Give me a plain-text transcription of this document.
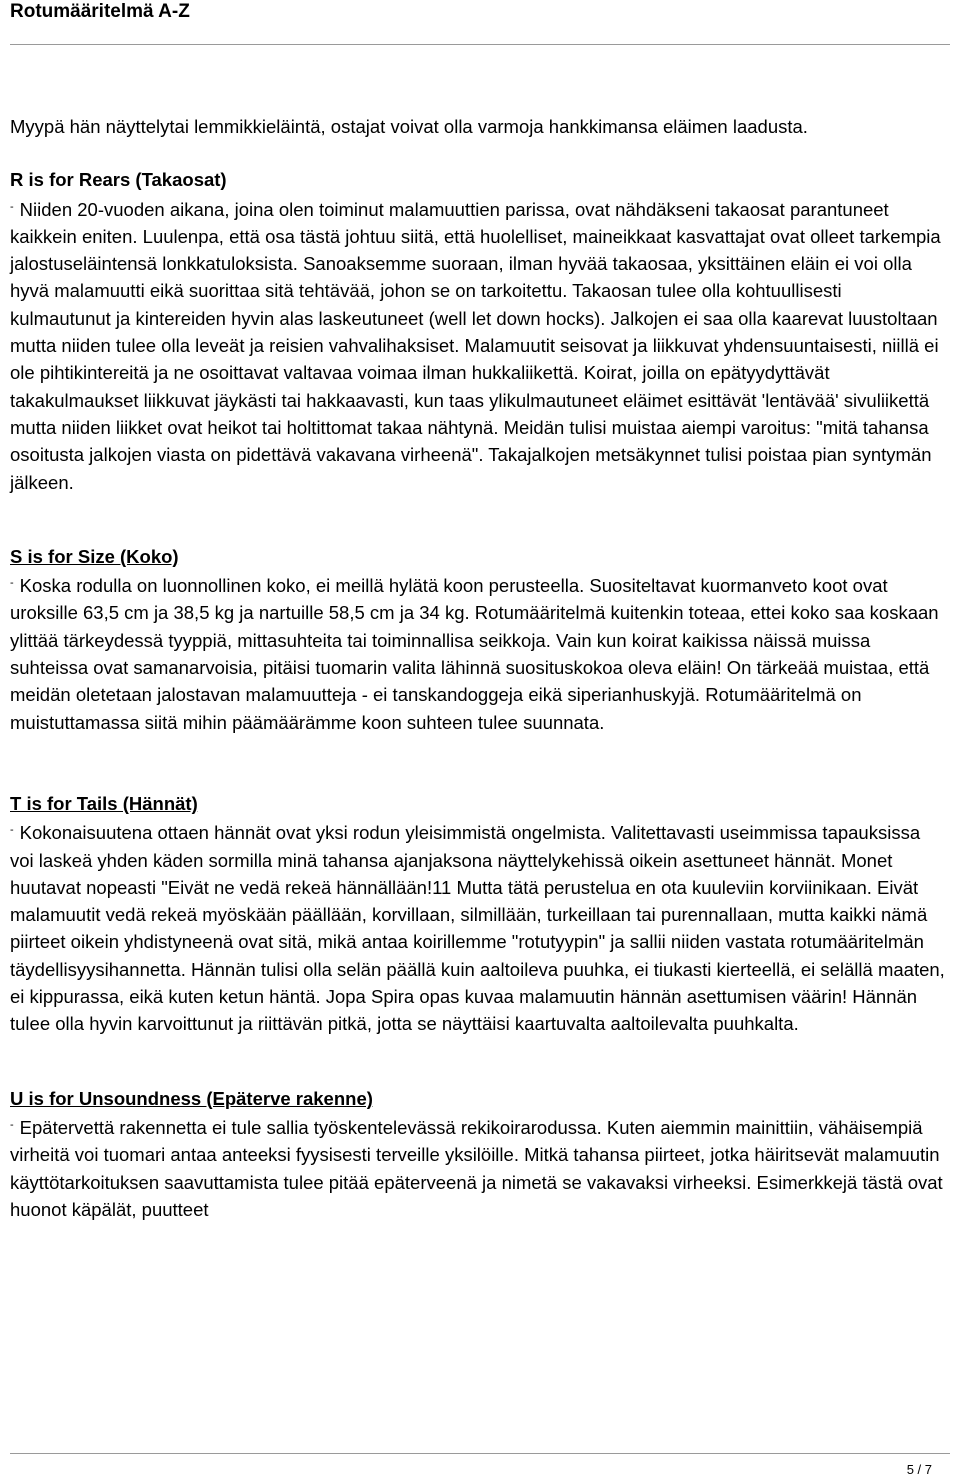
Rotumääritelmä A-Z

Myypä hän näyttelytai lemmikkieläintä, ostajat voivat olla varmoja hankkimansa eläimen laadusta.

R is for Rears (Takaosat)

- Niiden 20-vuoden aikana, joina olen toiminut malamuuttien parissa, ovat nähdäkseni takaosat parantuneet kaikkein eniten. Luulenpa, että osa tästä johtuu siitä, että huolelliset, maineikkaat kasvattajat ovat olleet tarkempia jalostuseläintensä lonkkatuloksista. Sanoaksemme suoraan, ilman hyvää takaosaa, yksittäinen eläin ei voi olla hyvä malamuutti eikä suorittaa sitä tehtävää, johon se on tarkoitettu. Takaosan tulee olla kohtuullisesti kulmautunut ja kintereiden hyvin alas laskeutuneet (well let down hocks). Jalkojen ei saa olla kaarevat luustoltaan mutta niiden tulee olla leveät ja reisien vahvalihaksiset. Malamuutit seisovat ja liikkuvat yhdensuuntaisesti, niillä ei ole pihtikintereitä ja ne osoittavat valtavaa voimaa ilman hukkaliikettä. Koirat, joilla on epätyydyttävät takakulmaukset liikkuvat jäykästi tai hakkaavasti, kun taas ylikulmautuneet eläimet esittävät 'lentävää' sivuliikettä mutta niiden liikket ovat heikot tai holtittomat takaa nähtynä. Meidän tulisi muistaa aiempi varoitus: "mitä tahansa osoitusta jalkojen viasta on pidettävä vakavana virheenä". Takajalkojen metsäkynnet tulisi poistaa pian syntymän jälkeen.

S is for Size (Koko)

- Koska rodulla on luonnollinen koko, ei meillä hylätä koon perusteella. Suositeltavat kuormanveto koot ovat uroksille 63,5 cm ja 38,5 kg ja nartuille 58,5 cm ja 34 kg. Rotumääritelmä kuitenkin toteaa, ettei koko saa koskaan ylittää tärkeydessä tyyppiä, mittasuhteita tai toiminnallisa seikkoja. Vain kun koirat kaikissa näissä muissa suhteissa ovat samanarvoisia, pitäisi tuomarin valita lähinnä suosituskokoa oleva eläin! On tärkeää muistaa, että meidän oletetaan jalostavan malamuutteja - ei tanskandoggeja eikä siperianhuskyjä. Rotumääritelmä on muistuttamassa siitä mihin päämäärämme koon suhteen tulee suunnata.

T is for Tails (Hännät)

- Kokonaisuutena ottaen hännät ovat yksi rodun yleisimmistä ongelmista. Valitettavasti useimmissa tapauksissa voi laskeä yhden käden sormilla minä tahansa ajanjaksona näyttelykehissä oikein asettuneet hännät. Monet huutavat nopeasti "Eivät ne vedä rekeä hännällään!11 Mutta tätä perustelua en ota kuuleviin korviinikaan. Eivät malamuutit vedä rekeä myöskään päällään, korvillaan, silmillään, turkeillaan tai purennallaan, mutta kaikki nämä piirteet oikein yhdistyneenä ovat sitä, mikä antaa koirillemme "rotutyypin" ja sallii niiden vastata rotumääritelmän täydellisyysihannetta. Hännän tulisi olla selän päällä kuin aaltoileva puuhka, ei tiukasti kierteellä, ei selällä maaten, ei kippurassa, eikä kuten ketun häntä. Jopa Spira opas kuvaa malamuutin hännän asettumisen väärin! Hännän tulee olla hyvin karvoittunut ja riittävän pitkä, jotta se näyttäisi kaartuvalta aaltoilevalta puuhkalta.

U is for Unsoundness (Epäterve rakenne)

- Epätervettä rakennetta ei tule sallia työskentelevässä rekikoirarodussa. Kuten aiemmin mainittiin, vähäisempiä virheitä voi tuomari antaa anteeksi fyysisesti terveille yksilöille. Mitkä tahansa piirteet, jotka häiritsevät malamuutin käyttötarkoituksen saavuttamista tulee pitää epäterveenä ja nimetä se vakavaksi virheeksi. Esimerkkejä tästä ovat huonot käpälät, puutteet

5 / 7
